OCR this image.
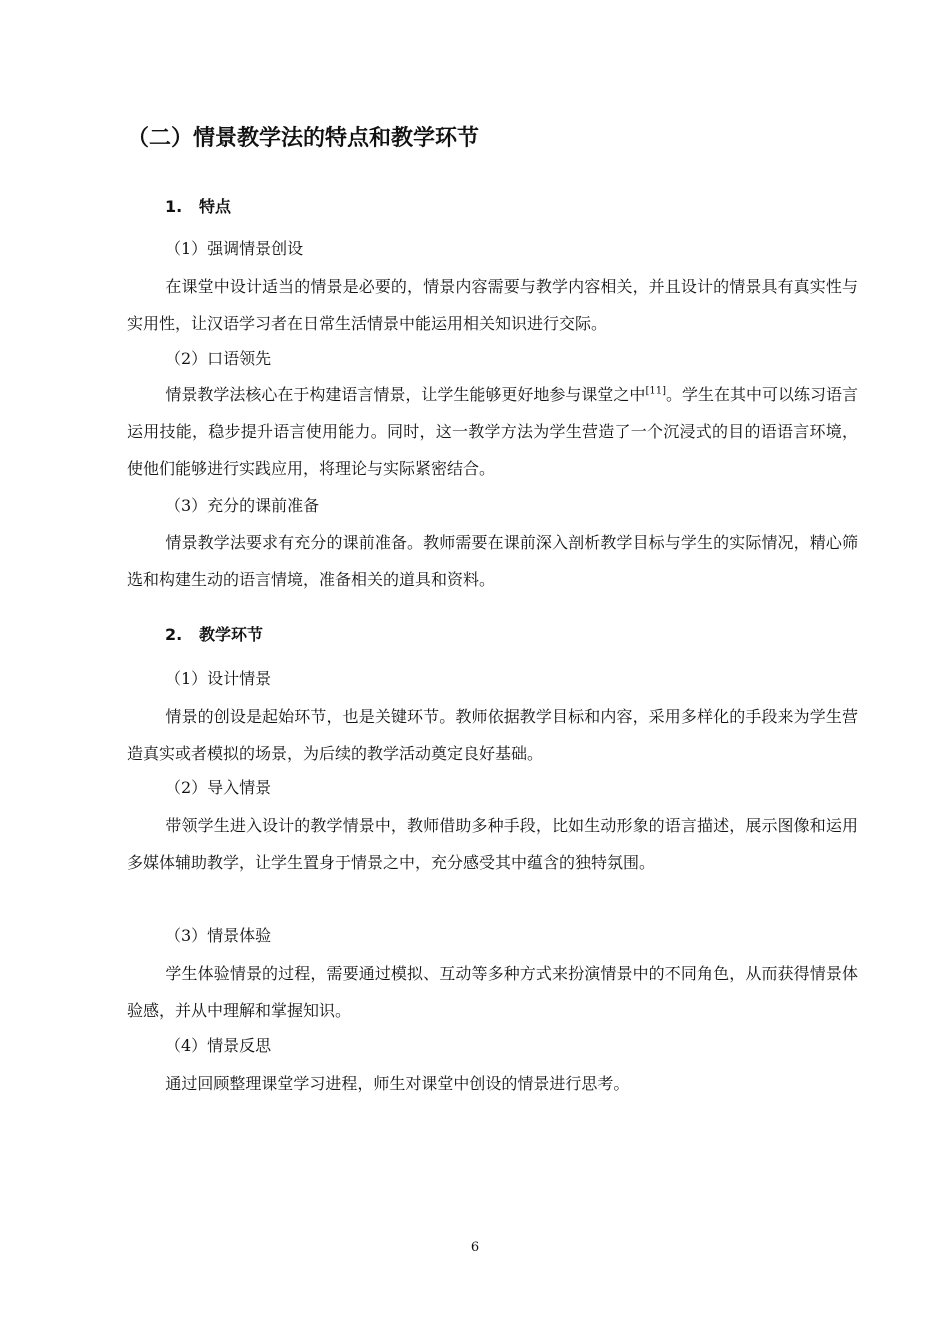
（二）情景教学法的特点和教学环节
1. 特点
（1）强调情景创设

在课堂中设计适当的情景是必要的，情景内容需要与教学内容相关，并且设计的情景具有真实性与实用性，让汉语学习者在日常生活情景中能运用相关知识进行交际。

（2）口语领先

情景教学法核心在于构建语言情景，让学生能够更好地参与课堂之中[11]。学生在其中可以练习语言运用技能，稳步提升语言使用能力。同时，这一教学方法为学生营造了一个沉浸式的目的语语言环境，使他们能够进行实践应用，将理论与实际紧密结合。

（3）充分的课前准备

情景教学法要求有充分的课前准备。教师需要在课前深入剖析教学目标与学生的实际情况，精心筛选和构建生动的语言情境，准备相关的道具和资料。

2. 教学环节
（1）设计情景

情景的创设是起始环节，也是关键环节。教师依据教学目标和内容，采用多样化的手段来为学生营造真实或者模拟的场景，为后续的教学活动奠定良好基础。

（2）导入情景

带领学生进入设计的教学情景中，教师借助多种手段，比如生动形象的语言描述，展示图像和运用多媒体辅助教学，让学生置身于情景之中，充分感受其中蕴含的独特氛围。

（3）情景体验

学生体验情景的过程，需要通过模拟、互动等多种方式来扮演情景中的不同角色，从而获得情景体验感，并从中理解和掌握知识。

（4）情景反思

通过回顾整理课堂学习进程，师生对课堂中创设的情景进行思考。

6
